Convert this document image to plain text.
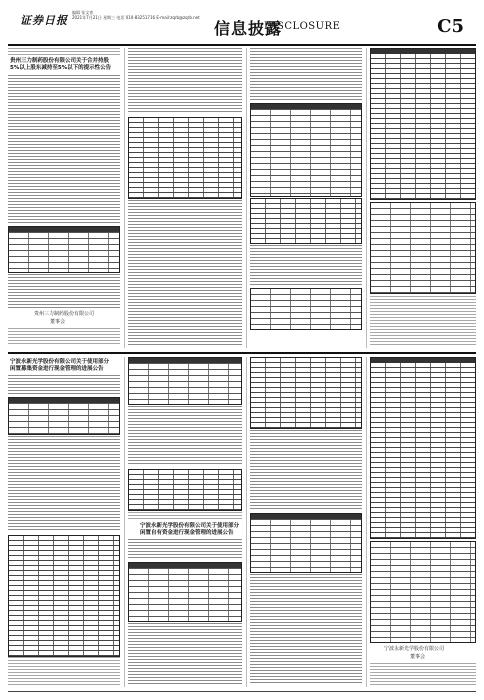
证券日报
编辑 张文豪
2021年7月21日 星期三 电话 010-83251716 E-mail:zqrb@zqrb.net
信息披露
DISCLOSURE	C5
贵州三力制药股份有限公司关于合并持股
5%以上股东减持至5%以下的提示性公告
贵州三力制药股份有限公司
董事会
宁波永新光学股份有限公司关于使用部分
闲置募集资金进行现金管理的进展公告
宁波永新光学股份有限公司关于使用部分
闲置自有资金进行现金管理的进展公告
宁波永新光学股份有限公司
董事会
